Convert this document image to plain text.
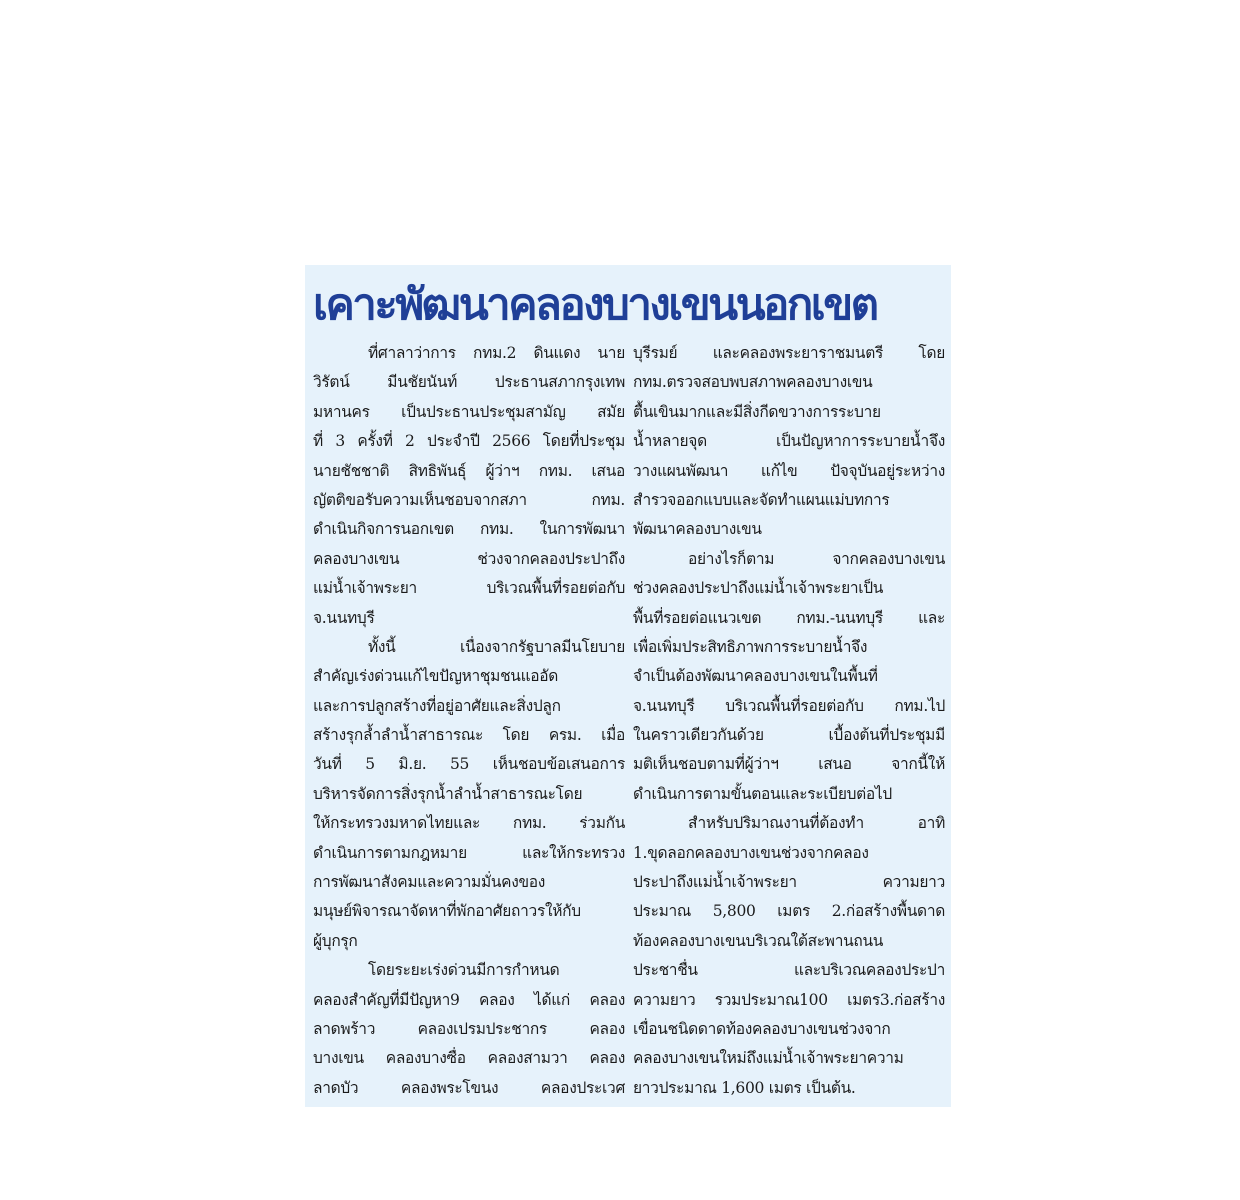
เคาะพัฒนาคลองบางเขนนอกเขต

ที่ศาลาว่าการ กทม.2 ดินแดง นาย

วิรัตน์ มีนชัยนันท์ ประธานสภากรุงเทพ

มหานคร เป็นประธานประชุมสามัญ สมัย

ที่ 3 ครั้งที่ 2 ประจำปี 2566 โดยที่ประชุม

นายชัชชาติ สิทธิพันธุ์ ผู้ว่าฯ กทม. เสนอ

ญัตติขอรับความเห็นชอบจากสภา กทม.

ดำเนินกิจการนอกเขต กทม. ในการพัฒนา

คลองบางเขน ช่วงจากคลองประปาถึง

แม่น้ำเจ้าพระยา บริเวณพื้นที่รอยต่อกับ

จ.นนทบุรี

ทั้งนี้ เนื่องจากรัฐบาลมีนโยบาย

สำคัญเร่งด่วนแก้ไขปัญหาชุมชนแออัด

และการปลูกสร้างที่อยู่อาศัยและสิ่งปลูก

สร้างรุกล้ำลำน้ำสาธารณะ โดย ครม. เมื่อ

วันที่ 5 มิ.ย. 55 เห็นชอบข้อเสนอการ

บริหารจัดการสิ่งรุกน้ำลำน้ำสาธารณะโดย

ให้กระทรวงมหาดไทยและ กทม. ร่วมกัน

ดำเนินการตามกฎหมาย และให้กระทรวง

การพัฒนาสังคมและความมั่นคงของ

มนุษย์พิจารณาจัดหาที่พักอาศัยถาวรให้กับ

ผู้บุกรุก

โดยระยะเร่งด่วนมีการกำหนด

คลองสำคัญที่มีปัญหา9 คลอง ได้แก่ คลอง

ลาดพร้าว คลองเปรมประชากร คลอง

บางเขน คลองบางซื่อ คลองสามวา คลอง

ลาดบัว คลองพระโขนง คลองประเวศ

บุรีรมย์ และคลองพระยาราชมนตรี โดย

กทม.ตรวจสอบพบสภาพคลองบางเขน

ตื้นเขินมากและมีสิ่งกีดขวางการระบาย

น้ำหลายจุด เป็นปัญหาการระบายน้ำจึง

วางแผนพัฒนา แก้ไข ปัจจุบันอยู่ระหว่าง

สำรวจออกแบบและจัดทำแผนแม่บทการ

พัฒนาคลองบางเขน

อย่างไรก็ตาม จากคลองบางเขน

ช่วงคลองประปาถึงแม่น้ำเจ้าพระยาเป็น

พื้นที่รอยต่อแนวเขต กทม.-นนทบุรี และ

เพื่อเพิ่มประสิทธิภาพการระบายน้ำจึง

จำเป็นต้องพัฒนาคลองบางเขนในพื้นที่

จ.นนทบุรี บริเวณพื้นที่รอยต่อกับ กทม.ไป

ในคราวเดียวกันด้วย เบื้องต้นที่ประชุมมี

มติเห็นชอบตามที่ผู้ว่าฯ เสนอ จากนี้ให้

ดำเนินการตามขั้นตอนและระเบียบต่อไป

สำหรับปริมาณงานที่ต้องทำ อาทิ

1.ขุดลอกคลองบางเขนช่วงจากคลอง

ประปาถึงแม่น้ำเจ้าพระยา ความยาว

ประมาณ 5,800 เมตร 2.ก่อสร้างพื้นดาด

ท้องคลองบางเขนบริเวณใต้สะพานถนน

ประชาชื่น และบริเวณคลองประปา

ความยาว รวมประมาณ100 เมตร3.ก่อสร้าง

เขื่อนชนิดดาดท้องคลองบางเขนช่วงจาก

คลองบางเขนใหม่ถึงแม่น้ำเจ้าพระยาความ

ยาวประมาณ 1,600 เมตร เป็นต้น.
